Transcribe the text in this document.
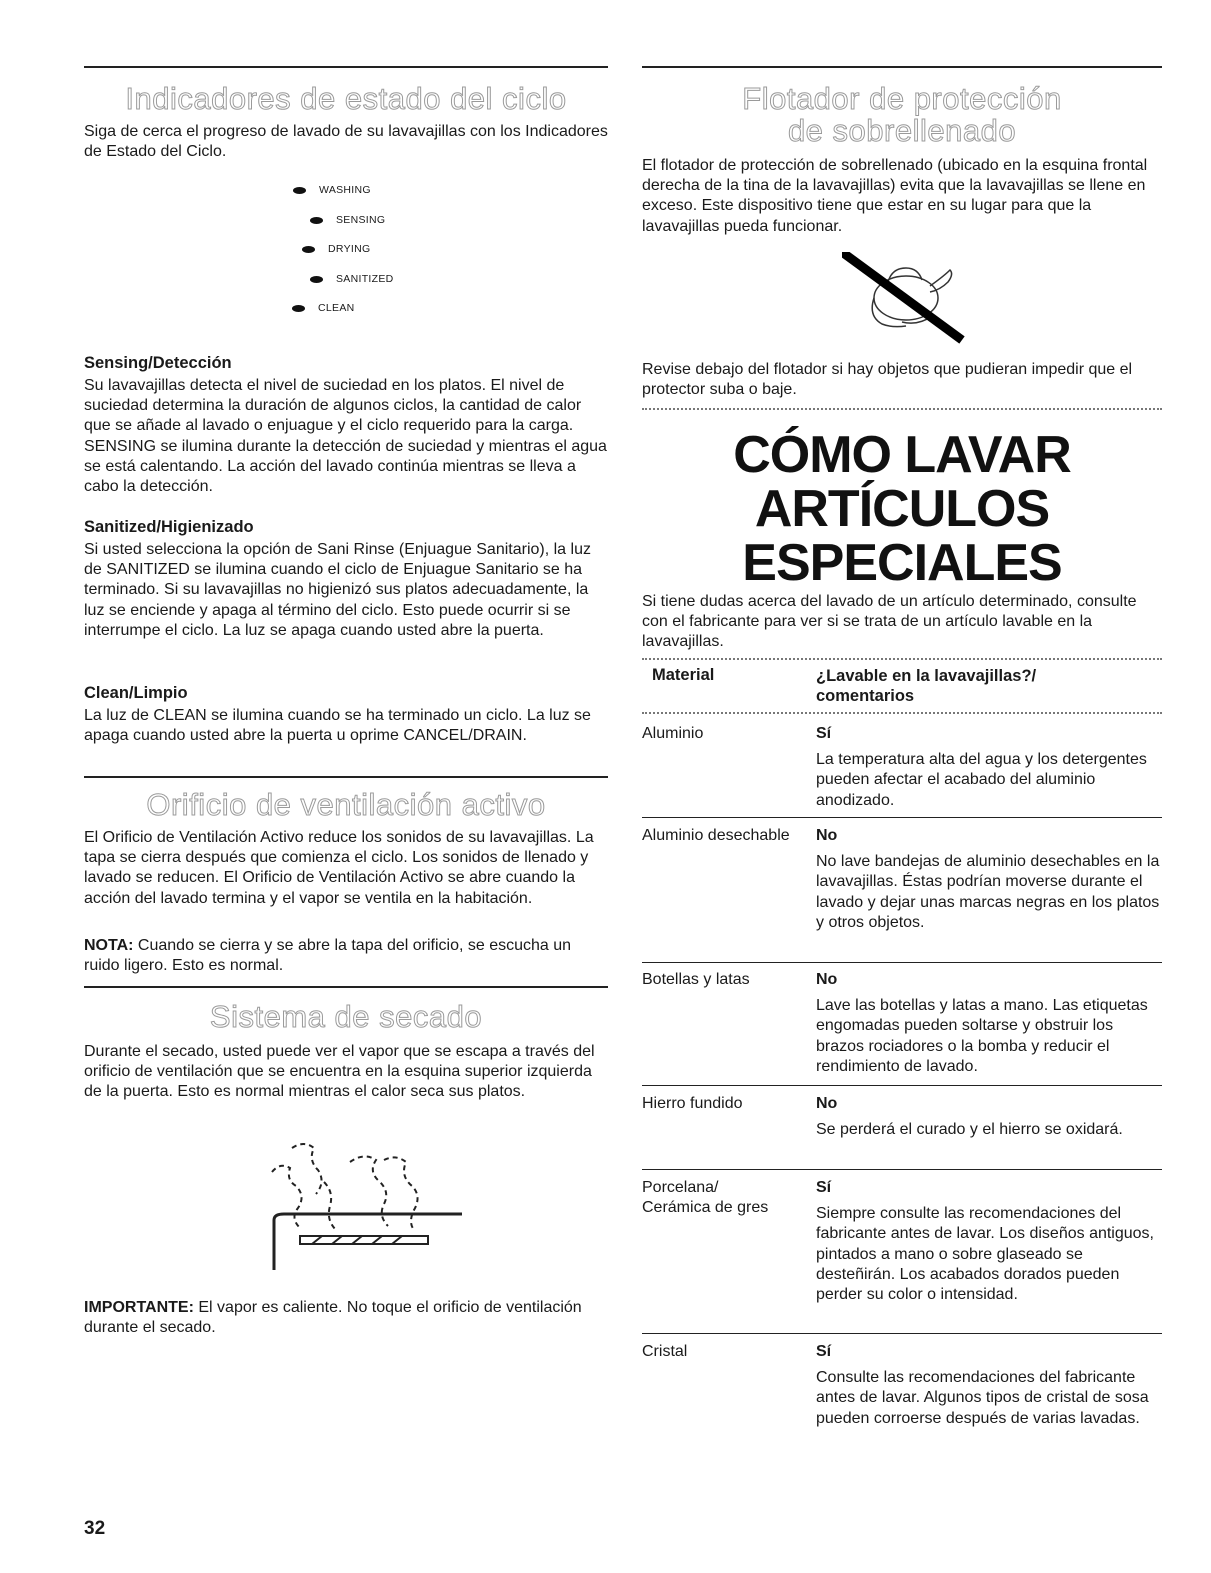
Indicadores de estado del ciclo

Siga de cerca el progreso de lavado de su lavavajillas con los Indicadores de Estado del Ciclo.

WASHING
SENSING
DRYING
SANITIZED
CLEAN
Sensing/Detección

Su lavavajillas detecta el nivel de suciedad en los platos. El nivel de suciedad determina la duración de algunos ciclos, la cantidad de calor que se añade al lavado o enjuague y el ciclo requerido para la carga. SENSING se ilumina durante la detección de suciedad y mientras el agua se está calentando. La acción del lavado continúa mientras se lleva a cabo la detección.

Sanitized/Higienizado

Si usted selecciona la opción de Sani Rinse (Enjuague Sanitario), la luz de SANITIZED se ilumina cuando el ciclo de Enjuague Sanitario se ha terminado. Si su lavavajillas no higienizó sus platos adecuadamente, la luz se enciende y apaga al término del ciclo. Esto puede ocurrir si se interrumpe el ciclo. La luz se apaga cuando usted abre la puerta.

Clean/Limpio

La luz de CLEAN se ilumina cuando se ha terminado un ciclo. La luz se apaga cuando usted abre la puerta u oprime CANCEL/DRAIN.

Orificio de ventilación activo

El Orificio de Ventilación Activo reduce los sonidos de su lavavajillas. La tapa se cierra después que comienza el ciclo. Los sonidos de llenado y lavado se reducen. El Orificio de Ventilación Activo se abre cuando la acción del lavado termina y el vapor se ventila en la habitación.

NOTA: Cuando se cierra y se abre la tapa del orificio, se escucha un ruido ligero. Esto es normal.

Sistema de secado

Durante el secado, usted puede ver el vapor que se escapa a través del orificio de ventilación que se encuentra en la esquina superior izquierda de la puerta. Esto es normal mientras el calor seca sus platos.

IMPORTANTE: El vapor es caliente. No toque el orificio de ventilación durante el secado.

32
Flotador de protección
de sobrellenado

El flotador de protección de sobrellenado (ubicado en la esquina frontal derecha de la tina de la lavavajillas) evita que la lavavajillas se llene en exceso. Este dispositivo tiene que estar en su lugar para que la lavavajillas pueda funcionar.

Revise debajo del flotador si hay objetos que pudieran impedir que el protector suba o baje.

CÓMO LAVAR
ARTÍCULOS
ESPECIALES

Si tiene dudas acerca del lavado de un artículo determinado, consulte con el fabricante para ver si se trata de un artículo lavable en la lavavajillas.

Material	¿Lavable en la lavavajillas?/ comentarios
Aluminio	Sí
La temperatura alta del agua y los detergentes pueden afectar el acabado del aluminio anodizado.
Aluminio desechable	No
No lave bandejas de aluminio desechables en la lavavajillas. Éstas podrían moverse durante el lavado y dejar unas marcas negras en los platos y otros objetos.
Botellas y latas	No
Lave las botellas y latas a mano. Las etiquetas engomadas pueden soltarse y obstruir los brazos rociadores o la bomba y reducir el rendimiento de lavado.
Hierro fundido	No
Se perderá el curado y el hierro se oxidará.
Porcelana/ Cerámica de gres
Sí
Siempre consulte las recomendaciones del fabricante antes de lavar. Los diseños antiguos, pintados a mano o sobre glaseado se desteñirán. Los acabados dorados pueden perder su color o intensidad.
Cristal	Sí
Consulte las recomendaciones del fabricante antes de lavar. Algunos tipos de cristal de sosa pueden corroerse después de varias lavadas.
